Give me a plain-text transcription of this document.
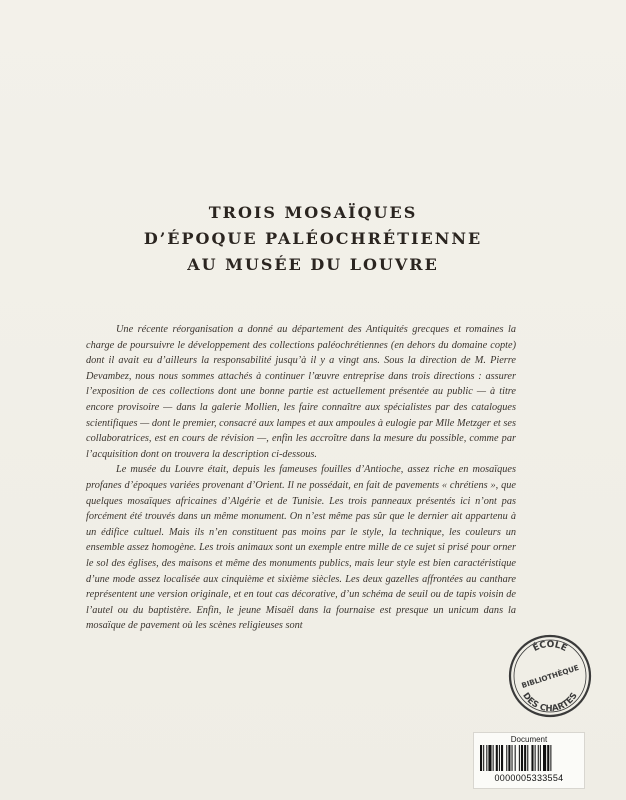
TROIS MOSAÏQUES
D’ÉPOQUE PALÉOCHRÉTIENNE
AU MUSÉE DU LOUVRE

Une récente réorganisation a donné au département des Antiquités grecques et romaines la charge de poursuivre le développement des collections paléochrétiennes (en dehors du domaine copte) dont il avait eu d’ailleurs la responsabilité jusqu’à il y a vingt ans. Sous la direction de M. Pierre Devambez, nous nous sommes attachés à continuer l’œuvre entreprise dans trois directions : assurer l’exposition de ces collections dont une bonne partie est actuellement présentée au public — à titre encore provisoire — dans la galerie Mollien, les faire connaître aux spécialistes par des catalogues scientifiques — dont le premier, consacré aux lampes et aux ampoules à eulogie par Mlle Metzger et ses collaboratrices, est en cours de révision —, enfin les accroître dans la mesure du possible, comme par l’acquisition dont on trouvera la description ci-dessous.

Le musée du Louvre était, depuis les fameuses fouilles d’Antioche, assez riche en mosaïques profanes d’époques variées provenant d’Orient. Il ne possédait, en fait de pavements « chrétiens », que quelques mosaïques africaines d’Algérie et de Tunisie. Les trois panneaux présentés ici n’ont pas forcément été trouvés dans un même monument. On n’est même pas sûr que le dernier ait appartenu à un édifice cultuel. Mais ils n’en constituent pas moins par le style, la technique, les couleurs un ensemble assez homogène. Les trois animaux sont un exemple entre mille de ce sujet si prisé pour orner le sol des églises, des maisons et même des monuments publics, mais leur style est bien caractéristique d’une mode assez localisée aux cinquième et sixième siècles. Les deux gazelles affrontées au canthare représentent une version originale, et en tout cas décorative, d’un schéma de seuil ou de tapis voisin de l’autel ou du baptistère. Enfin, le jeune Misaël dans la fournaise est presque un unicum dans la mosaïque de pavement où les scènes religieuses sont

ÉCOLE
BIBLIOTHÈQUE
DES CHARTES
Document
0000005333554
